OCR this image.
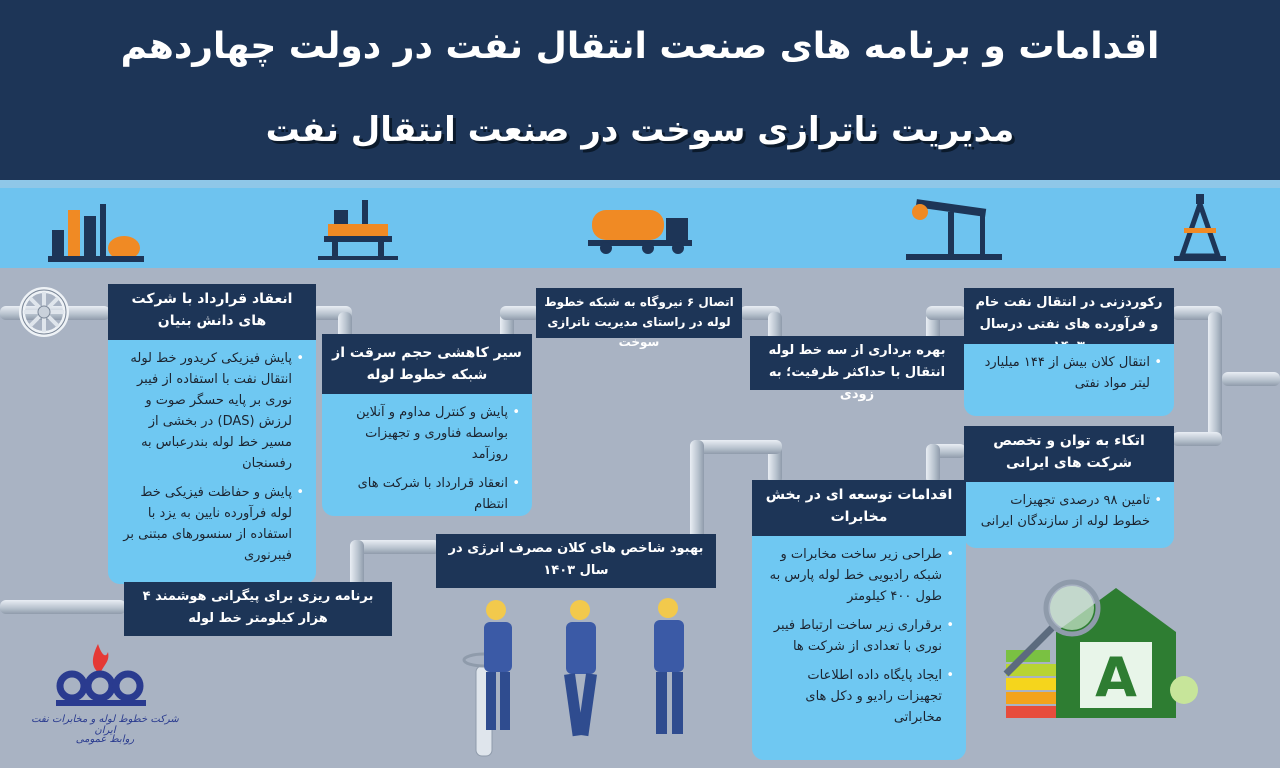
اقدامات و برنامه های صنعت انتقال نفت در دولت چهاردهم
مدیریت ناترازی سوخت در صنعت انتقال نفت
انعقاد قرارداد با شرکت های دانش بنیان

• پایش فیزیکی کریدور خط لوله انتقال نفت با استفاده از فیبر نوری بر پایه حسگر صوت و لرزش (DAS) در بخشی از مسیر خط لوله بندرعباس به رفسنجان

• پایش و حفاظت فیزیکی خط لوله فرآورده نایین به یزد با استفاده از سنسورهای مبتنی بر فیبرنوری

سیر کاهشی حجم سرقت از شبکه خطوط لوله

• پایش و کنترل مداوم و آنلاین بواسطه فناوری و تجهیزات روزآمد

• انعقاد قرارداد با شرکت های انتظام

اتصال ۶ نیروگاه به شبکه خطوط لوله در راستای مدیریت ناترازی سوخت
بهره برداری از سه خط لوله انتقال با حداکثر ظرفیت؛ به زودی
رکوردزنی در انتقال نفت خام و فرآورده های نفتی درسال

• انتقال کلان بیش از ۱۴۴ میلیارد لیتر مواد نفتی

اتکاء به توان و تخصص شرکت های ایرانی

• تامین ۹۸ درصدی تجهیزات خطوط لوله از سازندگان ایرانی

اقدامات توسعه ای در بخش مخابرات

• طراحی زیر ساخت مخابرات و شبکه رادیویی خط لوله پارس به طول ۴۰۰ کیلومتر

• برقراری زیر ساخت ارتباط فیبر نوری با تعدادی از شرکت ها

• ایجاد پایگاه داده اطلاعات تجهیزات رادیو و دکل های مخابراتی

بهبود شاخص های کلان مصرف انرژی در سال ۱۴۰۳
برنامه ریزی برای پیگرانی هوشمند ۴ هزار کیلومتر خط لوله
A
شرکت خطوط لوله و مخابرات نفت ایران
روابط عمومی
